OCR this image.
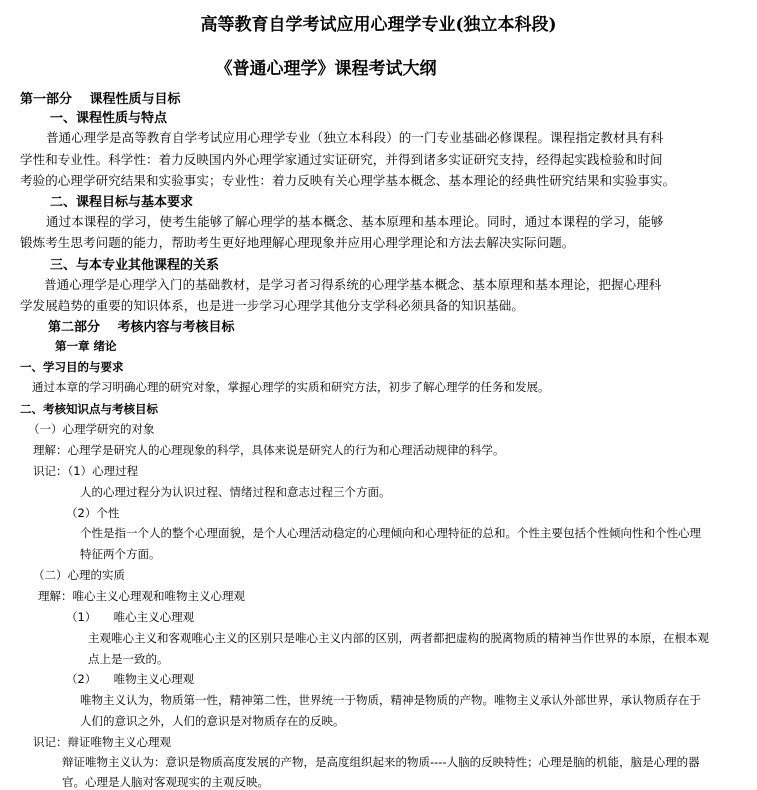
高等教育自学考试应用心理学专业(独立本科段)
《普通心理学》课程考试大纲
第一部分　 课程性质与目标
一、课程性质与特点
普通心理学是高等教育自学考试应用心理学专业（独立本科段）的一门专业基础必修课程。课程指定教材具有科
学性和专业性。科学性：着力反映国内外心理学家通过实证研究，并得到诸多实证研究支持，经得起实践检验和时间
考验的心理学研究结果和实验事实；专业性：着力反映有关心理学基本概念、基本理论的经典性研究结果和实验事实。
二、课程目标与基本要求
通过本课程的学习，使考生能够了解心理学的基本概念、基本原理和基本理论。同时，通过本课程的学习，能够
锻炼考生思考问题的能力，帮助考生更好地理解心理现象并应用心理学理论和方法去解决实际问题。
三、与本专业其他课程的关系
普通心理学是心理学入门的基础教材，是学习者习得系统的心理学基本概念、基本原理和基本理论，把握心理科
学发展趋势的重要的知识体系，也是进一步学习心理学其他分支学科必须具备的知识基础。
第二部分　 考核内容与考核目标
第一章 绪论
一、学习目的与要求
通过本章的学习明确心理的研究对象，掌握心理学的实质和研究方法，初步了解心理学的任务和发展。
二、考核知识点与考核目标
（一）心理学研究的对象
理解：心理学是研究人的心理现象的科学，具体来说是研究人的行为和心理活动规律的科学。
识记：（1）心理过程
人的心理过程分为认识过程、情绪过程和意志过程三个方面。
（2）个性
个性是指一个人的整个心理面貌，是个人心理活动稳定的心理倾向和心理特征的总和。个性主要包括个性倾向性和个性心理
特征两个方面。
（二）心理的实质
理解：唯心主义心理观和唯物主义心理观
（1）　　唯心主义心理观
主观唯心主义和客观唯心主义的区别只是唯心主义内部的区别，两者都把虚构的脱离物质的精神当作世界的本原，在根本观
点上是一致的。
（2）　　唯物主义心理观
唯物主义认为，物质第一性，精神第二性，世界统一于物质，精神是物质的产物。唯物主义承认外部世界，承认物质存在于
人们的意识之外，人们的意识是对物质存在的反映。
识记：辩证唯物主义心理观
辩证唯物主义认为：意识是物质高度发展的产物，是高度组织起来的物质----人脑的反映特性；心理是脑的机能，脑是心理的器
官。心理是人脑对客观现实的主观反映。
